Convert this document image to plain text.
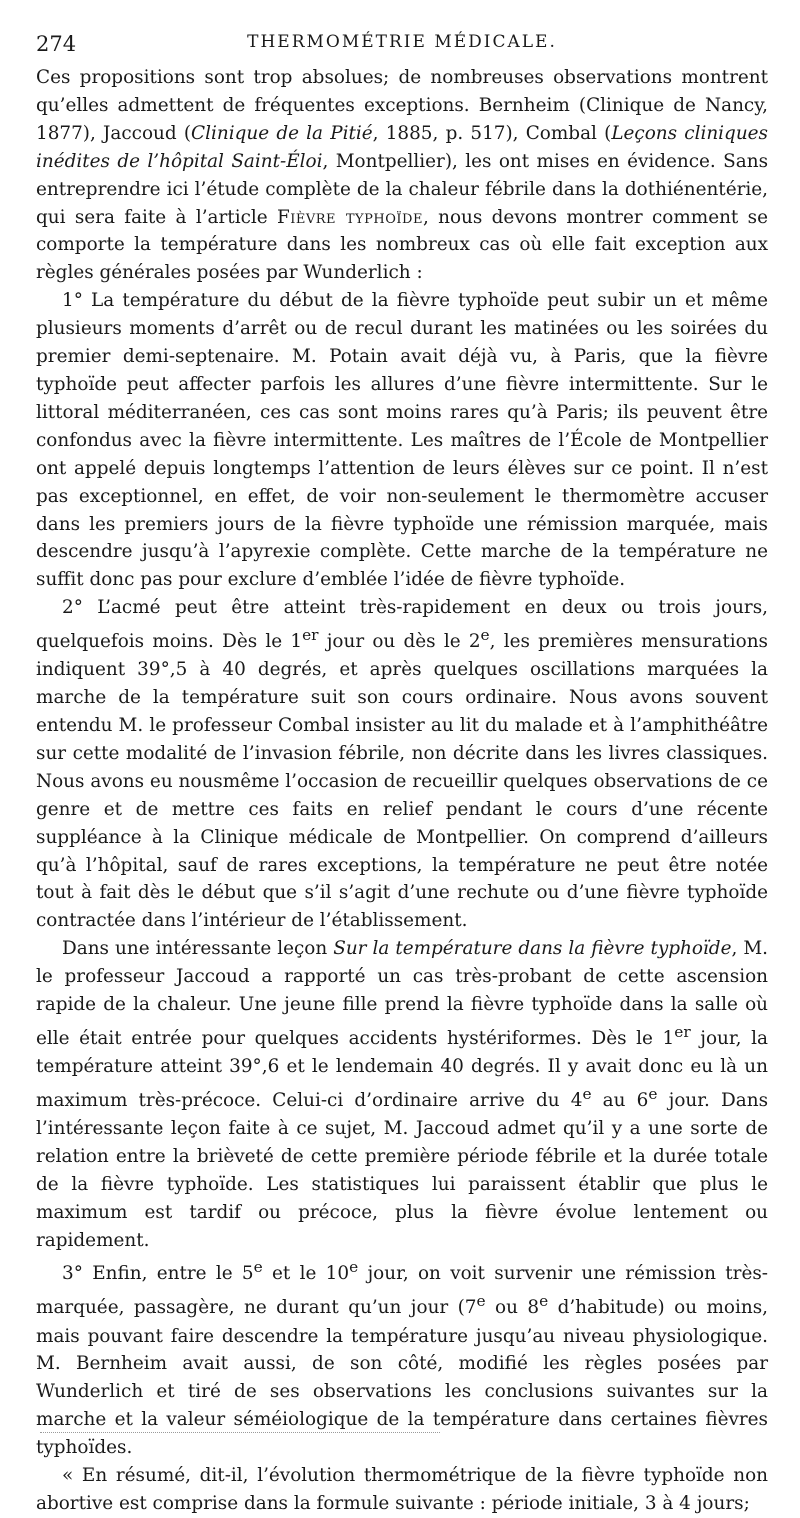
274	THERMOMÉTRIE MÉDICALE.

Ces propositions sont trop absolues; de nombreuses observations montrent qu’elles admettent de fréquentes exceptions. Bernheim (Clinique de Nancy, 1877), Jaccoud (Clinique de la Pitié, 1885, p. 517), Combal (Leçons cliniques inédites de l’hôpital Saint-Éloi, Montpellier), les ont mises en évidence. Sans entreprendre ici l’étude complète de la chaleur fébrile dans la dothiénentérie, qui sera faite à l’article Fièvre typhoïde, nous devons montrer comment se comporte la température dans les nombreux cas où elle fait exception aux règles générales posées par Wunderlich :

1° La température du début de la fièvre typhoïde peut subir un et même plusieurs moments d’arrêt ou de recul durant les matinées ou les soirées du premier demi-septenaire. M. Potain avait déjà vu, à Paris, que la fièvre typhoïde peut affecter parfois les allures d’une fièvre intermittente. Sur le littoral méditerranéen, ces cas sont moins rares qu’à Paris; ils peuvent être confondus avec la fièvre intermittente. Les maîtres de l’École de Montpellier ont appelé depuis longtemps l’attention de leurs élèves sur ce point. Il n’est pas exceptionnel, en effet, de voir non-seulement le thermomètre accuser dans les premiers jours de la fièvre typhoïde une rémission marquée, mais descendre jusqu’à l’apyrexie complète. Cette marche de la température ne suffit donc pas pour exclure d’emblée l’idée de fièvre typhoïde.

2° L’acmé peut être atteint très-rapidement en deux ou trois jours, quelquefois moins. Dès le 1er jour ou dès le 2e, les premières mensurations indiquent 39°,5 à 40 degrés, et après quelques oscillations marquées la marche de la température suit son cours ordinaire. Nous avons souvent entendu M. le professeur Combal insister au lit du malade et à l’amphithéâtre sur cette modalité de l’invasion fébrile, non décrite dans les livres classiques. Nous avons eu nousmême l’occasion de recueillir quelques observations de ce genre et de mettre ces faits en relief pendant le cours d’une récente suppléance à la Clinique médicale de Montpellier. On comprend d’ailleurs qu’à l’hôpital, sauf de rares exceptions, la température ne peut être notée tout à fait dès le début que s’il s’agit d’une rechute ou d’une fièvre typhoïde contractée dans l’intérieur de l’établissement.

Dans une intéressante leçon Sur la température dans la fièvre typhoïde, M. le professeur Jaccoud a rapporté un cas très-probant de cette ascension rapide de la chaleur. Une jeune fille prend la fièvre typhoïde dans la salle où elle était entrée pour quelques accidents hystériformes. Dès le 1er jour, la température atteint 39°,6 et le lendemain 40 degrés. Il y avait donc eu là un maximum très-précoce. Celui-ci d’ordinaire arrive du 4e au 6e jour. Dans l’intéressante leçon faite à ce sujet, M. Jaccoud admet qu’il y a une sorte de relation entre la brièveté de cette première période fébrile et la durée totale de la fièvre typhoïde. Les statistiques lui paraissent établir que plus le maximum est tardif ou précoce, plus la fièvre évolue lentement ou rapidement.

3° Enfin, entre le 5e et le 10e jour, on voit survenir une rémission très-marquée, passagère, ne durant qu’un jour (7e ou 8e d’habitude) ou moins, mais pouvant faire descendre la température jusqu’au niveau physiologique. M. Bernheim avait aussi, de son côté, modifié les règles posées par Wunderlich et tiré de ses observations les conclusions suivantes sur la marche et la valeur séméiologique de la température dans certaines fièvres typhoïdes.

« En résumé, dit-il, l’évolution thermométrique de la fièvre typhoïde non abortive est comprise dans la formule suivante : période initiale, 3 à 4 jours;
